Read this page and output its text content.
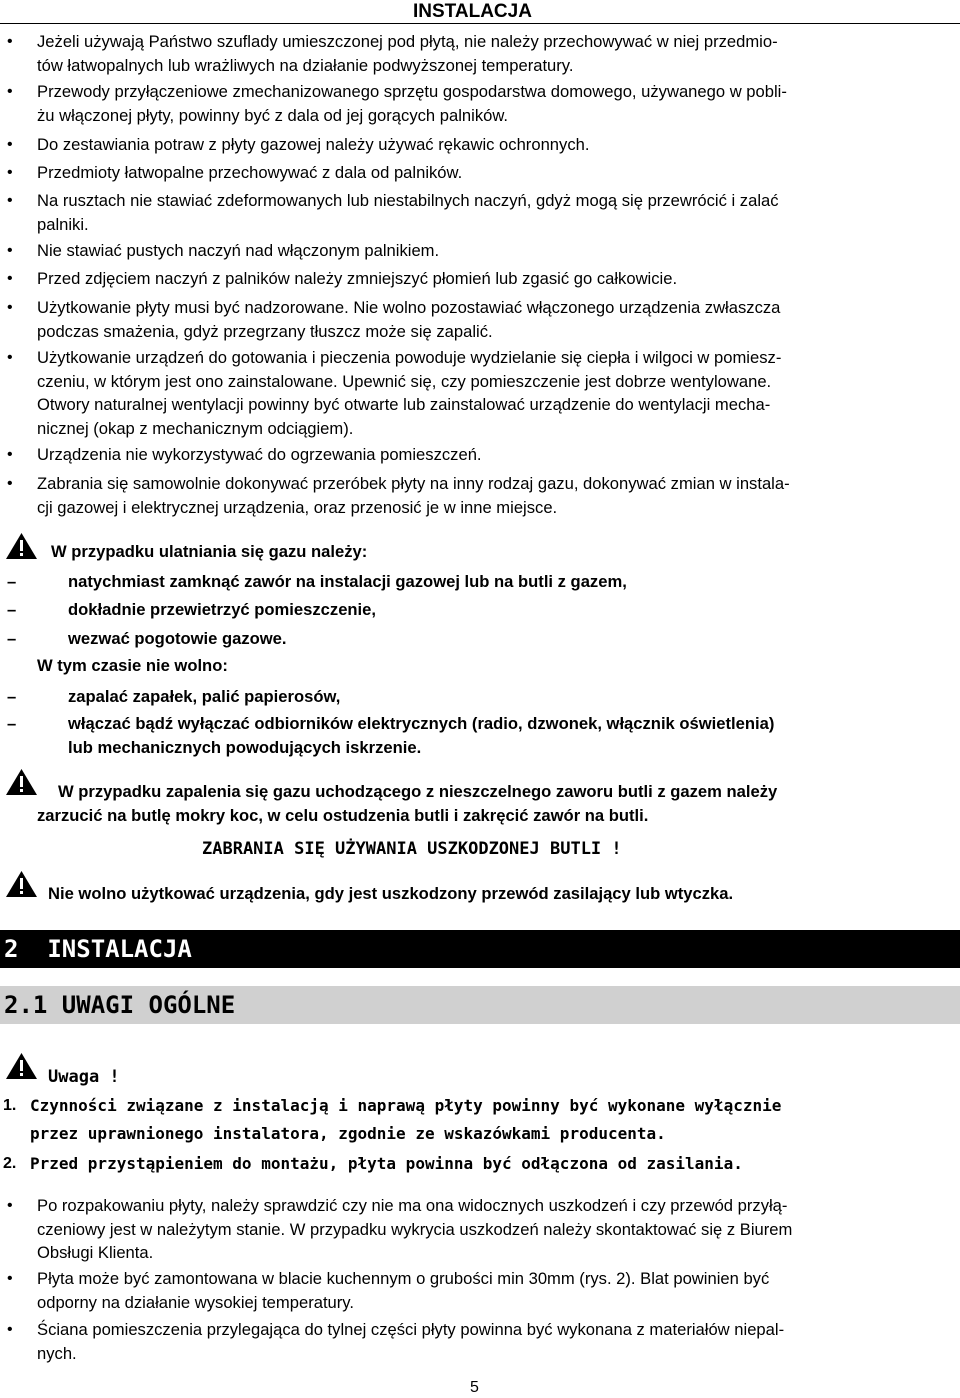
INSTALACJA
• Jeżeli używają Państwo szuflady umieszczonej pod płytą, nie należy przechowywać w niej przedmio-
tów łatwopalnych lub wrażliwych na działanie podwyższonej temperatury.
• Przewody przyłączeniowe zmechanizowanego sprzętu gospodarstwa domowego, używanego w pobli-
żu włączonej płyty, powinny być z dala od jej gorących palników.
• Do zestawiania potraw z płyty gazowej należy używać rękawic ochronnych.
• Przedmioty łatwopalne przechowywać z dala od palników.
• Na rusztach nie stawiać zdeformowanych lub niestabilnych naczyń, gdyż mogą się przewrócić i zalać
palniki.
• Nie stawiać pustych naczyń nad włączonym palnikiem.
• Przed zdjęciem naczyń z palników należy zmniejszyć płomień lub zgasić go całkowicie.
• Użytkowanie płyty musi być nadzorowane. Nie wolno pozostawiać włączonego urządzenia zwłaszcza
podczas smażenia, gdyż przegrzany tłuszcz może się zapalić.
• Użytkowanie urządzeń do gotowania i pieczenia powoduje wydzielanie się ciepła i wilgoci w pomiesz-
czeniu, w którym jest ono zainstalowane. Upewnić się, czy pomieszczenie jest dobrze wentylowane.
Otwory naturalnej wentylacji powinny być otwarte lub zainstalować urządzenie do wentylacji mecha-
nicznej (okap z mechanicznym odciągiem).
• Urządzenia nie wykorzystywać do ogrzewania pomieszczeń.
• Zabrania się samowolnie dokonywać przeróbek płyty na inny rodzaj gazu, dokonywać zmian w instala-
cji gazowej i elektrycznej urządzenia, oraz przenosić je w inne miejsce.
W przypadku ulatniania się gazu należy:
–	natychmiast zamknąć zawór na instalacji gazowej lub na butli z gazem,
–	dokładnie przewietrzyć pomieszczenie,
–	wezwać pogotowie gazowe.
W tym czasie nie wolno:
–	zapalać zapałek, palić papierosów,
–	włączać bądź wyłączać odbiorników elektrycznych (radio, dzwonek, włącznik oświetlenia)
lub mechanicznych powodujących iskrzenie.
W przypadku zapalenia się gazu uchodzącego z nieszczelnego zaworu butli z gazem należy
zarzucić na butlę mokry koc, w celu ostudzenia butli i zakręcić zawór na butli.
ZABRANIA SIĘ UŻYWANIA USZKODZONEJ BUTLI !
Nie wolno użytkować urządzenia, gdy jest uszkodzony przewód zasilający lub wtyczka.
2  INSTALACJA
2.1 UWAGI OGÓLNE
Uwaga !
1. Czynności związane z instalacją i naprawą płyty powinny być wykonane wyłącznie
przez uprawnionego instalatora, zgodnie ze wskazówkami producenta.
2. Przed przystąpieniem do montażu, płyta powinna być odłączona od zasilania.
• Po rozpakowaniu płyty, należy sprawdzić czy nie ma ona widocznych uszkodzeń i czy przewód przyłą-
czeniowy jest w należytym stanie. W przypadku wykrycia uszkodzeń należy skontaktować się z Biurem
Obsługi Klienta.
• Płyta może być zamontowana w blacie kuchennym o grubości min 30mm (rys. 2). Blat powinien być
odporny na działanie wysokiej temperatury.
• Ściana pomieszczenia przylegająca do tylnej części płyty powinna być wykonana z materiałów niepal-
nych.
5
